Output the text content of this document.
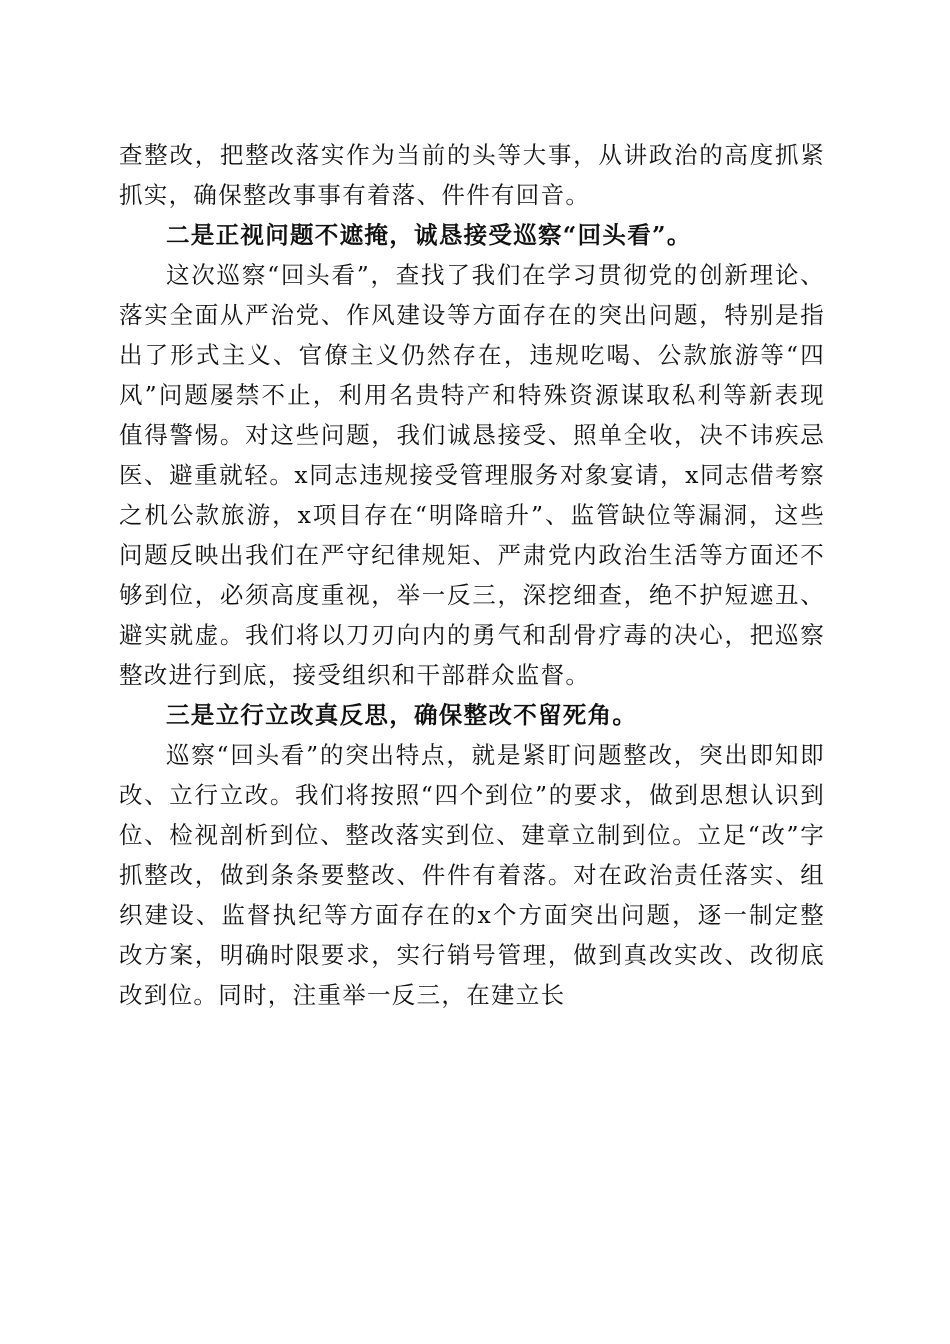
查整改，把整改落实作为当前的头等大事，从讲政治的高度抓紧抓实，确保整改事事有着落、件件有回音。

二是正视问题不遮掩，诚恳接受巡察“回头看”。

这次巡察“回头看”，查找了我们在学习贯彻党的创新理论、落实全面从严治党、作风建设等方面存在的突出问题，特别是指出了形式主义、官僚主义仍然存在，违规吃喝、公款旅游等“四风”问题屡禁不止，利用名贵特产和特殊资源谋取私利等新表现值得警惕。对这些问题，我们诚恳接受、照单全收，决不讳疾忌医、避重就轻。x同志违规接受管理服务对象宴请，x同志借考察之机公款旅游，x项目存在“明降暗升”、监管缺位等漏洞，这些问题反映出我们在严守纪律规矩、严肃党内政治生活等方面还不够到位，必须高度重视，举一反三，深挖细查，绝不护短遮丑、避实就虚。我们将以刀刃向内的勇气和刮骨疗毒的决心，把巡察整改进行到底，接受组织和干部群众监督。

三是立行立改真反思，确保整改不留死角。

巡察“回头看”的突出特点，就是紧盯问题整改，突出即知即改、立行立改。我们将按照“四个到位”的要求，做到思想认识到位、检视剖析到位、整改落实到位、建章立制到位。立足“改”字抓整改，做到条条要整改、件件有着落。对在政治责任落实、组织建设、监督执纪等方面存在的x个方面突出问题，逐一制定整改方案，明确时限要求，实行销号管理，做到真改实改、改彻底改到位。同时，注重举一反三，在建立长
